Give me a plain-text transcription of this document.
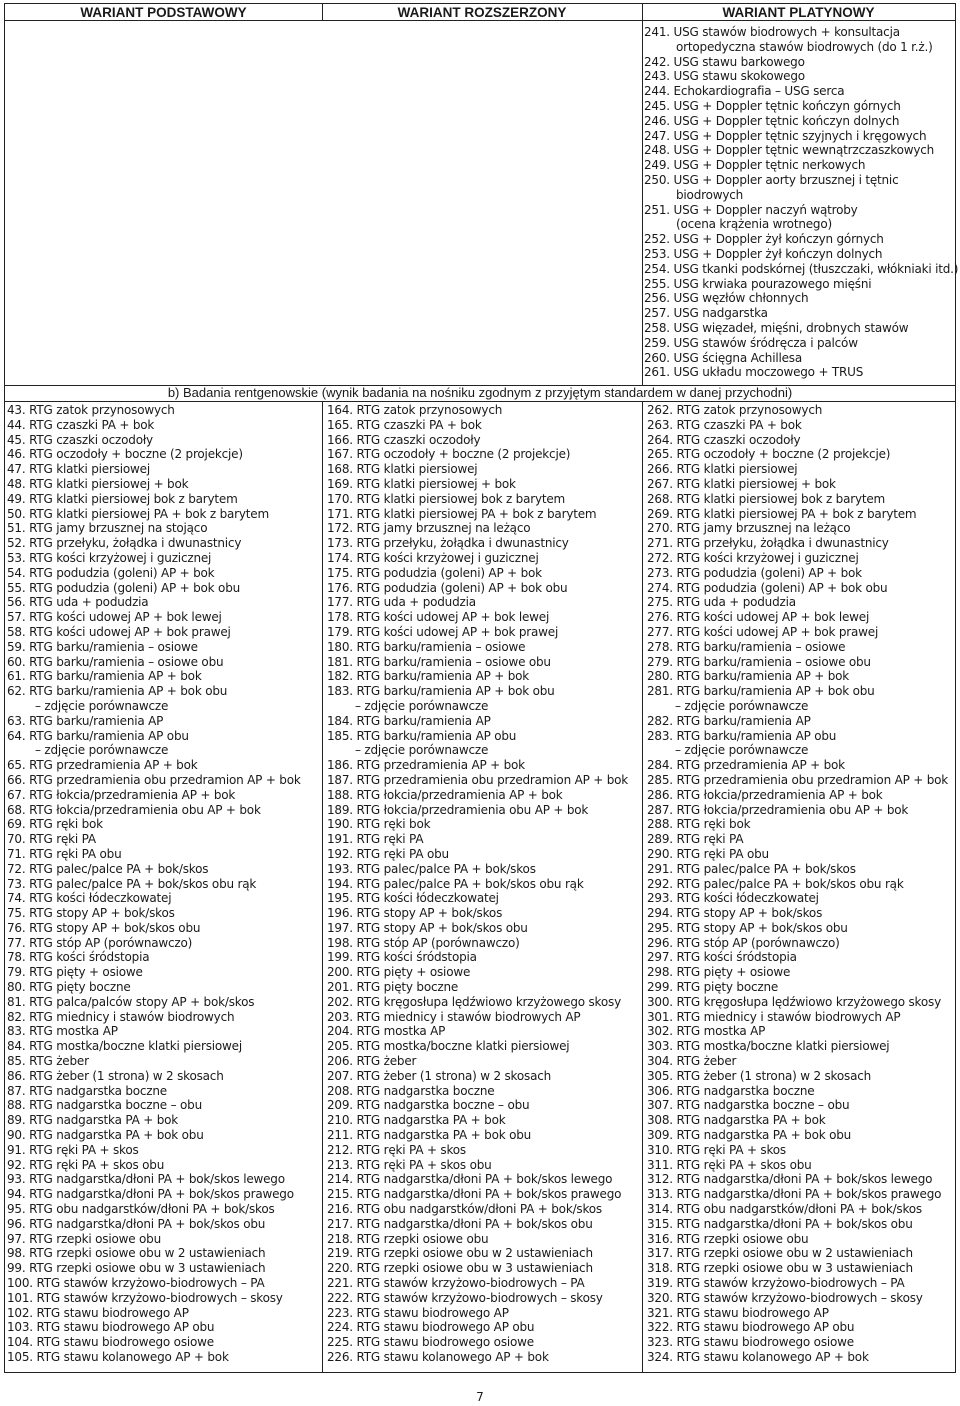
WARIANT PODSTAWOWY	WARIANT ROZSZERZONY	WARIANT PLATYNOWY
241. USG stawów biodrowych + konsultacja
ortopedyczna stawów biodrowych (do 1 r.ż.)
242. USG stawu barkowego
243. USG stawu skokowego
244. Echokardiografia – USG serca
245. USG + Doppler tętnic kończyn górnych
246. USG + Doppler tętnic kończyn dolnych
247. USG + Doppler tętnic szyjnych i kręgowych
248. USG + Doppler tętnic wewnątrzczaszkowych
249. USG + Doppler tętnic nerkowych
250. USG + Doppler aorty brzusznej i tętnic
biodrowych
251. USG + Doppler naczyń wątroby
(ocena krążenia wrotnego)
252. USG + Doppler żył kończyn górnych
253. USG + Doppler żył kończyn dolnych
254. USG tkanki podskórnej (tłuszczaki, włókniaki itd.)
255. USG krwiaka pourazowego mięśni
256. USG węzłów chłonnych
257. USG nadgarstka
258. USG więzadeł, mięśni, drobnych stawów
259. USG stawów śródręcza i palców
260. USG ścięgna Achillesa
261. USG układu moczowego + TRUS
b) Badania rentgenowskie (wynik badania na nośniku zgodnym z przyjętym standardem w danej przychodni)
43. RTG zatok przynosowych
44. RTG czaszki PA + bok
45. RTG czaszki oczodoły
46. RTG oczodoły + boczne (2 projekcje)
47. RTG klatki piersiowej
48. RTG klatki piersiowej + bok
49. RTG klatki piersiowej bok z barytem
50. RTG klatki piersiowej PA + bok z barytem
51. RTG jamy brzusznej na stojąco
52. RTG przełyku, żołądka i dwunastnicy
53. RTG kości krzyżowej i guzicznej
54. RTG podudzia (goleni) AP + bok
55. RTG podudzia (goleni) AP + bok obu
56. RTG uda + podudzia
57. RTG kości udowej AP + bok lewej
58. RTG kości udowej AP + bok prawej
59. RTG barku/ramienia – osiowe
60. RTG barku/ramienia – osiowe obu
61. RTG barku/ramienia AP + bok
62. RTG barku/ramienia AP + bok obu
– zdjęcie porównawcze
63. RTG barku/ramienia AP
64. RTG barku/ramienia AP obu
– zdjęcie porównawcze
65. RTG przedramienia AP + bok
66. RTG przedramienia obu przedramion AP + bok
67. RTG łokcia/przedramienia AP + bok
68. RTG łokcia/przedramienia obu AP + bok
69. RTG ręki bok
70. RTG ręki PA
71. RTG ręki PA obu
72. RTG palec/palce PA + bok/skos
73. RTG palec/palce PA + bok/skos obu rąk
74. RTG kości łódeczkowatej
75. RTG stopy AP + bok/skos
76. RTG stopy AP + bok/skos obu
77. RTG stóp AP (porównawczo)
78. RTG kości śródstopia
79. RTG pięty + osiowe
80. RTG pięty boczne
81. RTG palca/palców stopy AP + bok/skos
82. RTG miednicy i stawów biodrowych
83. RTG mostka AP
84. RTG mostka/boczne klatki piersiowej
85. RTG żeber
86. RTG żeber (1 strona) w 2 skosach
87. RTG nadgarstka boczne
88. RTG nadgarstka boczne – obu
89. RTG nadgarstka PA + bok
90. RTG nadgarstka PA + bok obu
91. RTG ręki PA + skos
92. RTG ręki PA + skos obu
93. RTG nadgarstka/dłoni PA + bok/skos lewego
94. RTG nadgarstka/dłoni PA + bok/skos prawego
95. RTG obu nadgarstków/dłoni PA + bok/skos
96. RTG nadgarstka/dłoni PA + bok/skos obu
97. RTG rzepki osiowe obu
98. RTG rzepki osiowe obu w 2 ustawieniach
99. RTG rzepki osiowe obu w 3 ustawieniach
100. RTG stawów krzyżowo-biodrowych – PA
101. RTG stawów krzyżowo-biodrowych – skosy
102. RTG stawu biodrowego AP
103. RTG stawu biodrowego AP obu
104. RTG stawu biodrowego osiowe
105. RTG stawu kolanowego AP + bok
164. RTG zatok przynosowych
165. RTG czaszki PA + bok
166. RTG czaszki oczodoły
167. RTG oczodoły + boczne (2 projekcje)
168. RTG klatki piersiowej
169. RTG klatki piersiowej + bok
170. RTG klatki piersiowej bok z barytem
171. RTG klatki piersiowej PA + bok z barytem
172. RTG jamy brzusznej na leżąco
173. RTG przełyku, żołądka i dwunastnicy
174. RTG kości krzyżowej i guzicznej
175. RTG podudzia (goleni) AP + bok
176. RTG podudzia (goleni) AP + bok obu
177. RTG uda + podudzia
178. RTG kości udowej AP + bok lewej
179. RTG kości udowej AP + bok prawej
180. RTG barku/ramienia – osiowe
181. RTG barku/ramienia – osiowe obu
182. RTG barku/ramienia AP + bok
183. RTG barku/ramienia AP + bok obu
– zdjęcie porównawcze
184. RTG barku/ramienia AP
185. RTG barku/ramienia AP obu
– zdjęcie porównawcze
186. RTG przedramienia AP + bok
187. RTG przedramienia obu przedramion AP + bok
188. RTG łokcia/przedramienia AP + bok
189. RTG łokcia/przedramienia obu AP + bok
190. RTG ręki bok
191. RTG ręki PA
192. RTG ręki PA obu
193. RTG palec/palce PA + bok/skos
194. RTG palec/palce PA + bok/skos obu rąk
195. RTG kości łódeczkowatej
196. RTG stopy AP + bok/skos
197. RTG stopy AP + bok/skos obu
198. RTG stóp AP (porównawczo)
199. RTG kości śródstopia
200. RTG pięty + osiowe
201. RTG pięty boczne
202. RTG kręgosłupa lędźwiowo krzyżowego skosy
203. RTG miednicy i stawów biodrowych AP
204. RTG mostka AP
205. RTG mostka/boczne klatki piersiowej
206. RTG żeber
207. RTG żeber (1 strona) w 2 skosach
208. RTG nadgarstka boczne
209. RTG nadgarstka boczne – obu
210. RTG nadgarstka PA + bok
211. RTG nadgarstka PA + bok obu
212. RTG ręki PA + skos
213. RTG ręki PA + skos obu
214. RTG nadgarstka/dłoni PA + bok/skos lewego
215. RTG nadgarstka/dłoni PA + bok/skos prawego
216. RTG obu nadgarstków/dłoni PA + bok/skos
217. RTG nadgarstka/dłoni PA + bok/skos obu
218. RTG rzepki osiowe obu
219. RTG rzepki osiowe obu w 2 ustawieniach
220. RTG rzepki osiowe obu w 3 ustawieniach
221. RTG stawów krzyżowo-biodrowych – PA
222. RTG stawów krzyżowo-biodrowych – skosy
223. RTG stawu biodrowego AP
224. RTG stawu biodrowego AP obu
225. RTG stawu biodrowego osiowe
226. RTG stawu kolanowego AP + bok
262. RTG zatok przynosowych
263. RTG czaszki PA + bok
264. RTG czaszki oczodoły
265. RTG oczodoły + boczne (2 projekcje)
266. RTG klatki piersiowej
267. RTG klatki piersiowej + bok
268. RTG klatki piersiowej bok z barytem
269. RTG klatki piersiowej PA + bok z barytem
270. RTG jamy brzusznej na leżąco
271. RTG przełyku, żołądka i dwunastnicy
272. RTG kości krzyżowej i guzicznej
273. RTG podudzia (goleni) AP + bok
274. RTG podudzia (goleni) AP + bok obu
275. RTG uda + podudzia
276. RTG kości udowej AP + bok lewej
277. RTG kości udowej AP + bok prawej
278. RTG barku/ramienia – osiowe
279. RTG barku/ramienia – osiowe obu
280. RTG barku/ramienia AP + bok
281. RTG barku/ramienia AP + bok obu
– zdjęcie porównawcze
282. RTG barku/ramienia AP
283. RTG barku/ramienia AP obu
– zdjęcie porównawcze
284. RTG przedramienia AP + bok
285. RTG przedramienia obu przedramion AP + bok
286. RTG łokcia/przedramienia AP + bok
287. RTG łokcia/przedramienia obu AP + bok
288. RTG ręki bok
289. RTG ręki PA
290. RTG ręki PA obu
291. RTG palec/palce PA + bok/skos
292. RTG palec/palce PA + bok/skos obu rąk
293. RTG kości łódeczkowatej
294. RTG stopy AP + bok/skos
295. RTG stopy AP + bok/skos obu
296. RTG stóp AP (porównawczo)
297. RTG kości śródstopia
298. RTG pięty + osiowe
299. RTG pięty boczne
300. RTG kręgosłupa lędźwiowo krzyżowego skosy
301. RTG miednicy i stawów biodrowych AP
302. RTG mostka AP
303. RTG mostka/boczne klatki piersiowej
304. RTG żeber
305. RTG żeber (1 strona) w 2 skosach
306. RTG nadgarstka boczne
307. RTG nadgarstka boczne – obu
308. RTG nadgarstka PA + bok
309. RTG nadgarstka PA + bok obu
310. RTG ręki PA + skos
311. RTG ręki PA + skos obu
312. RTG nadgarstka/dłoni PA + bok/skos lewego
313. RTG nadgarstka/dłoni PA + bok/skos prawego
314. RTG obu nadgarstków/dłoni PA + bok/skos
315. RTG nadgarstka/dłoni PA + bok/skos obu
316. RTG rzepki osiowe obu
317. RTG rzepki osiowe obu w 2 ustawieniach
318. RTG rzepki osiowe obu w 3 ustawieniach
319. RTG stawów krzyżowo-biodrowych – PA
320. RTG stawów krzyżowo-biodrowych – skosy
321. RTG stawu biodrowego AP
322. RTG stawu biodrowego AP obu
323. RTG stawu biodrowego osiowe
324. RTG stawu kolanowego AP + bok
7
